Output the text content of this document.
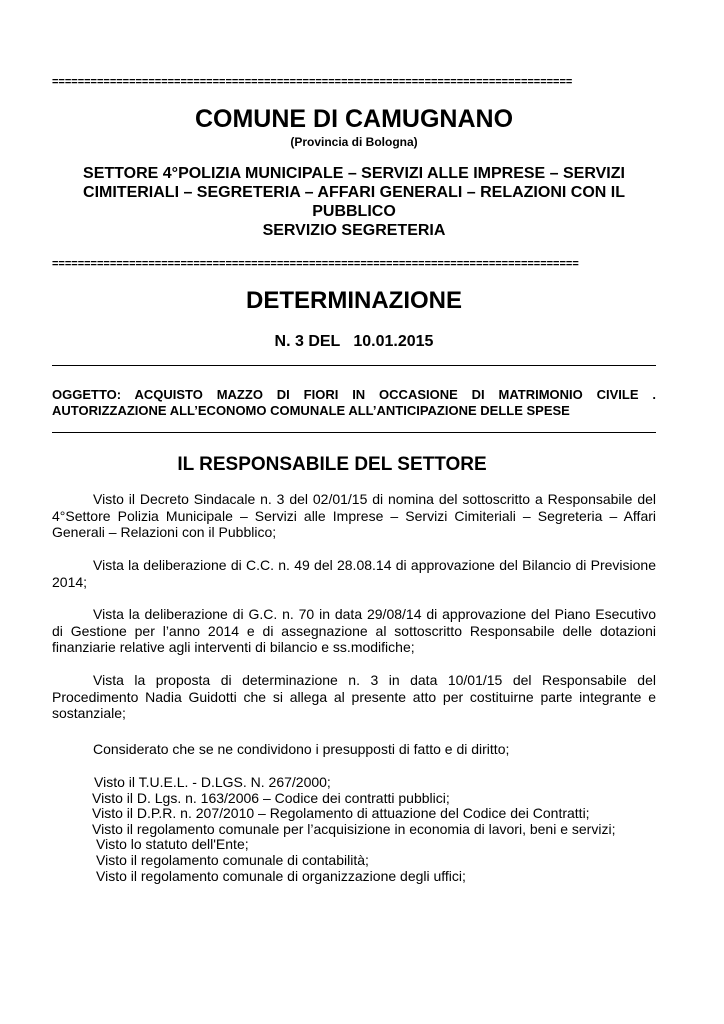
=================================================================================
COMUNE DI CAMUGNANO
(Provincia di Bologna)
SETTORE 4°POLIZIA MUNICIPALE – SERVIZI ALLE IMPRESE – SERVIZI
CIMITERIALI – SEGRETERIA – AFFARI GENERALI – RELAZIONI CON IL
PUBBLICO
SERVIZIO SEGRETERIA
==================================================================================
DETERMINAZIONE
N. 3 DEL   10.01.2015
OGGETTO: ACQUISTO MAZZO DI FIORI IN OCCASIONE DI MATRIMONIO CIVILE . AUTORIZZAZIONE ALL’ECONOMO COMUNALE ALL’ANTICIPAZIONE DELLE SPESE
IL RESPONSABILE DEL SETTORE
Visto il Decreto Sindacale n. 3 del 02/01/15 di nomina del sottoscritto a Responsabile del 4°Settore Polizia Municipale – Servizi alle Imprese – Servizi Cimiteriali – Segreteria – Affari Generali – Relazioni con il Pubblico;
Vista la deliberazione di C.C. n. 49 del 28.08.14 di approvazione del Bilancio di Previsione 2014;
Vista la deliberazione di G.C. n. 70 in data 29/08/14 di approvazione del Piano Esecutivo di Gestione per l’anno 2014 e di assegnazione al sottoscritto Responsabile delle dotazioni finanziarie relative agli interventi di bilancio e ss.modifiche;
Vista la proposta di determinazione n. 3 in data 10/01/15 del Responsabile del Procedimento Nadia Guidotti che si allega al presente atto per costituirne parte integrante e sostanziale;
Considerato che se ne condividono i presupposti di fatto e di diritto;
Visto il T.U.E.L. - D.LGS. N. 267/2000;
Visto il D. Lgs. n. 163/2006 – Codice dei contratti pubblici;
Visto il D.P.R. n. 207/2010 – Regolamento di attuazione del Codice dei Contratti;
Visto il regolamento comunale per l’acquisizione in economia di lavori, beni e servizi;
Visto lo statuto dell'Ente;
Visto il regolamento comunale di contabilità;
Visto il regolamento comunale di organizzazione degli uffici;
